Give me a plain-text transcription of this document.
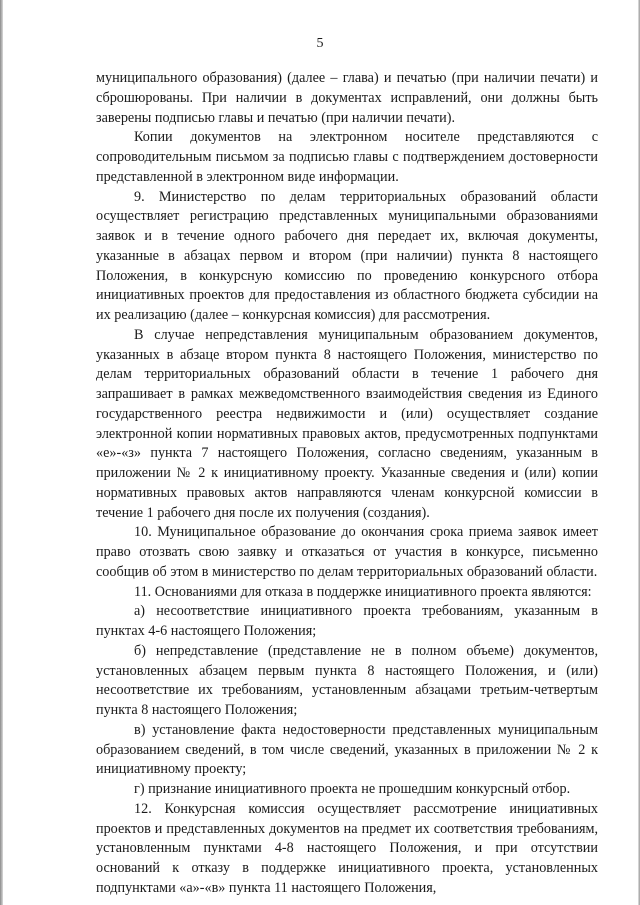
5

муниципального образования) (далее – глава) и печатью (при наличии печати) и сброшюрованы. При наличии в документах исправлений, они должны быть заверены подписью главы и печатью (при наличии печати).

Копии документов на электронном носителе представляются с сопроводительным письмом за подписью главы с подтверждением достоверности представленной в электронном виде информации.

9. Министерство по делам территориальных образований области осуществляет регистрацию представленных муниципальными образованиями заявок и в течение одного рабочего дня передает их, включая документы, указанные в абзацах первом и втором (при наличии) пункта 8 настоящего Положения, в конкурсную комиссию по проведению конкурсного отбора инициативных проектов для предоставления из областного бюджета субсидии на их реализацию (далее – конкурсная комиссия) для рассмотрения.

В случае непредставления муниципальным образованием документов, указанных в абзаце втором пункта 8 настоящего Положения, министерство по делам территориальных образований области в течение 1 рабочего дня запрашивает в рамках межведомственного взаимодействия сведения из Единого государственного реестра недвижимости и (или) осуществляет создание электронной копии нормативных правовых актов, предусмотренных подпунктами «е»-«з» пункта 7 настоящего Положения, согласно сведениям, указанным в приложении № 2 к инициативному проекту. Указанные сведения и (или) копии нормативных правовых актов направляются членам конкурсной комиссии в течение 1 рабочего дня после их получения (создания).

10. Муниципальное образование до окончания срока приема заявок имеет право отозвать свою заявку и отказаться от участия в конкурсе, письменно сообщив об этом в министерство по делам территориальных образований области.

11. Основаниями для отказа в поддержке инициативного проекта являются:

а) несоответствие инициативного проекта требованиям, указанным в пунктах 4-6 настоящего Положения;

б) непредставление (представление не в полном объеме) документов, установленных абзацем первым пункта 8 настоящего Положения, и (или) несоответствие их требованиям, установленным абзацами третьим-четвертым пункта 8 настоящего Положения;

в) установление факта недостоверности представленных муниципальным образованием сведений, в том числе сведений, указанных в приложении № 2 к инициативному проекту;

г) признание инициативного проекта не прошедшим конкурсный отбор.

12. Конкурсная комиссия осуществляет рассмотрение инициативных проектов и представленных документов на предмет их соответствия требованиям, установленным пунктами 4-8 настоящего Положения, и при отсутствии оснований к отказу в поддержке инициативного проекта, установленных подпунктами «а»-«в» пункта 11 настоящего Положения,
